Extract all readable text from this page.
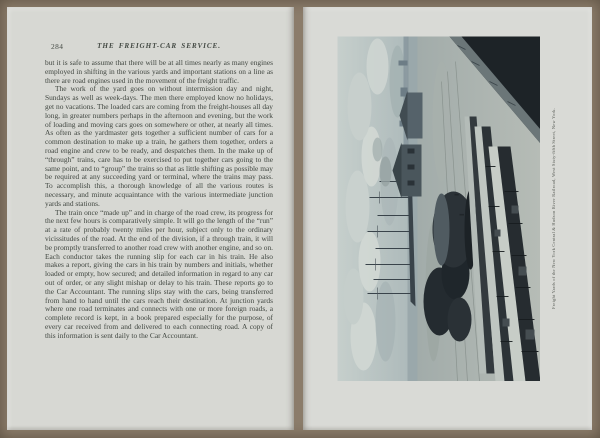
284	THE FREIGHT-CAR SERVICE.

but it is safe to assume that there will be at all times nearly as many engines employed in shifting in the various yards and important stations on a line as there are road engines used in the movement of the freight traffic.

The work of the yard goes on without intermission day and night, Sundays as well as week-days. The men there employed know no holidays, get no vacations. The loaded cars are coming from the freight-houses all day long, in greater numbers perhaps in the afternoon and evening, but the work of loading and moving cars goes on somewhere or other, at nearly all times. As often as the yardmaster gets together a sufficient number of cars for a common destination to make up a train, he gathers them together, orders a road engine and crew to be ready, and despatches them. In the make up of “through” trains, care has to be exercised to put together cars going to the same point, and to “group” the trains so that as little shifting as possible may be required at any succeeding yard or terminal, where the trains may pass. To accomplish this, a thorough knowledge of all the various routes is necessary, and minute acquaintance with the various intermediate junction yards and stations.

The train once “made up” and in charge of the road crew, its progress for the next few hours is comparatively simple. It will go the length of the “run” at a rate of probably twenty miles per hour, subject only to the ordinary vicissitudes of the road. At the end of the division, if a through train, it will be promptly transferred to another road crew with another engine, and so on. Each conductor takes the running slip for each car in his train. He also makes a report, giving the cars in his train by numbers and initials, whether loaded or empty, how secured; and detailed information in regard to any car out of order, or any slight mishap or delay to his train. These reports go to the Car Accountant. The running slips stay with the cars, being transferred from hand to hand until the cars reach their destination. At junction yards where one road terminates and connects with one or more foreign roads, a complete record is kept, in a book prepared especially for the purpose, of every car received from and delivered to each connecting road. A copy of this information is sent daily to the Car Accountant.

Freight Yards of the New York Central & Hudson River Railroad, West Sixty-fifth Street, New York.
